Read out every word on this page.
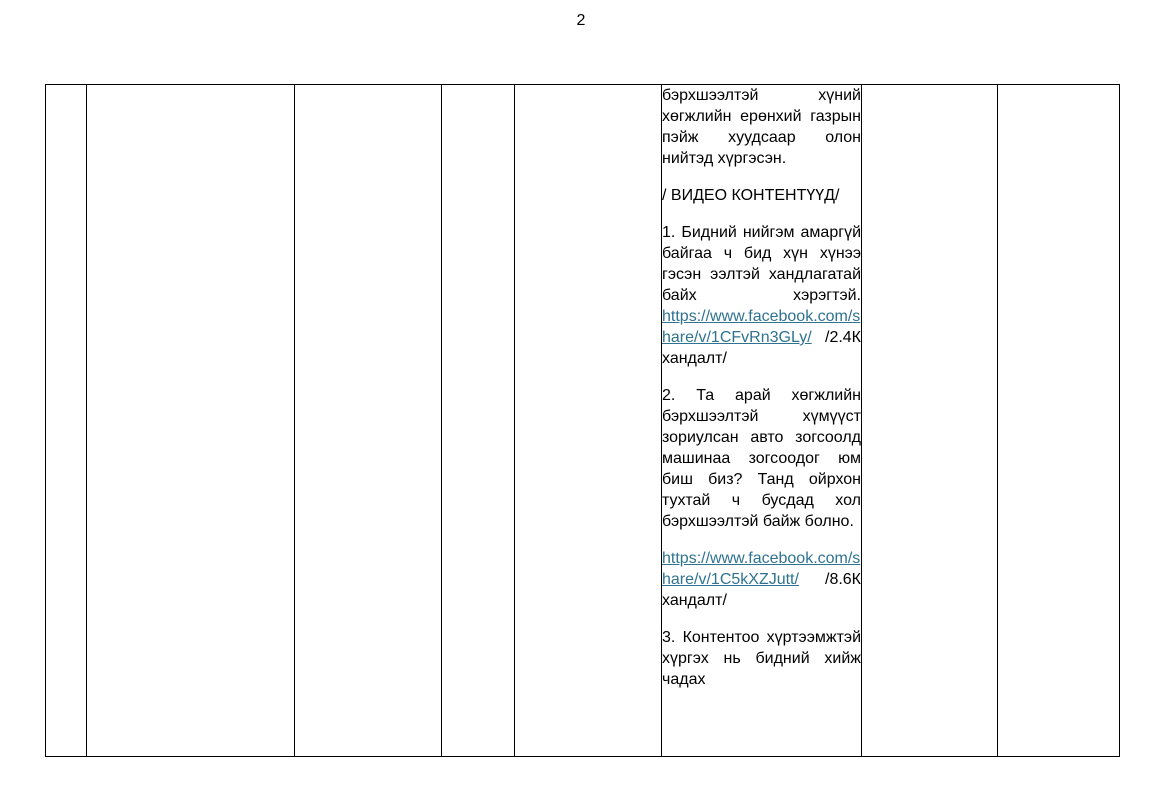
2

бэрхшээлтэй хүний хөгжлийн ерөнхий газрын пэйж хуудсаар олон нийтэд хүргэсэн.

/ ВИДЕО КОНТЕНТҮҮД/

1. Бидний нийгэм амаргүй байгаа ч бид хүн хүнээ гэсэн ээлтэй хандлагатай байх хэрэгтэй. https://www.facebook.com/share/v/1CFvRn3GLy/ /2.4К хандалт/

2. Та арай хөгжлийн бэрхшээлтэй хүмүүст зориулсан авто зогсоолд машинаа зогсоодог юм биш биз? Танд ойрхон тухтай ч бусдад хол бэрхшээлтэй байж болно.

https://www.facebook.com/share/v/1C5kXZJutt/ /8.6К хандалт/

3. Контентоо хүртээмжтэй хүргэх нь бидний хийж чадах
